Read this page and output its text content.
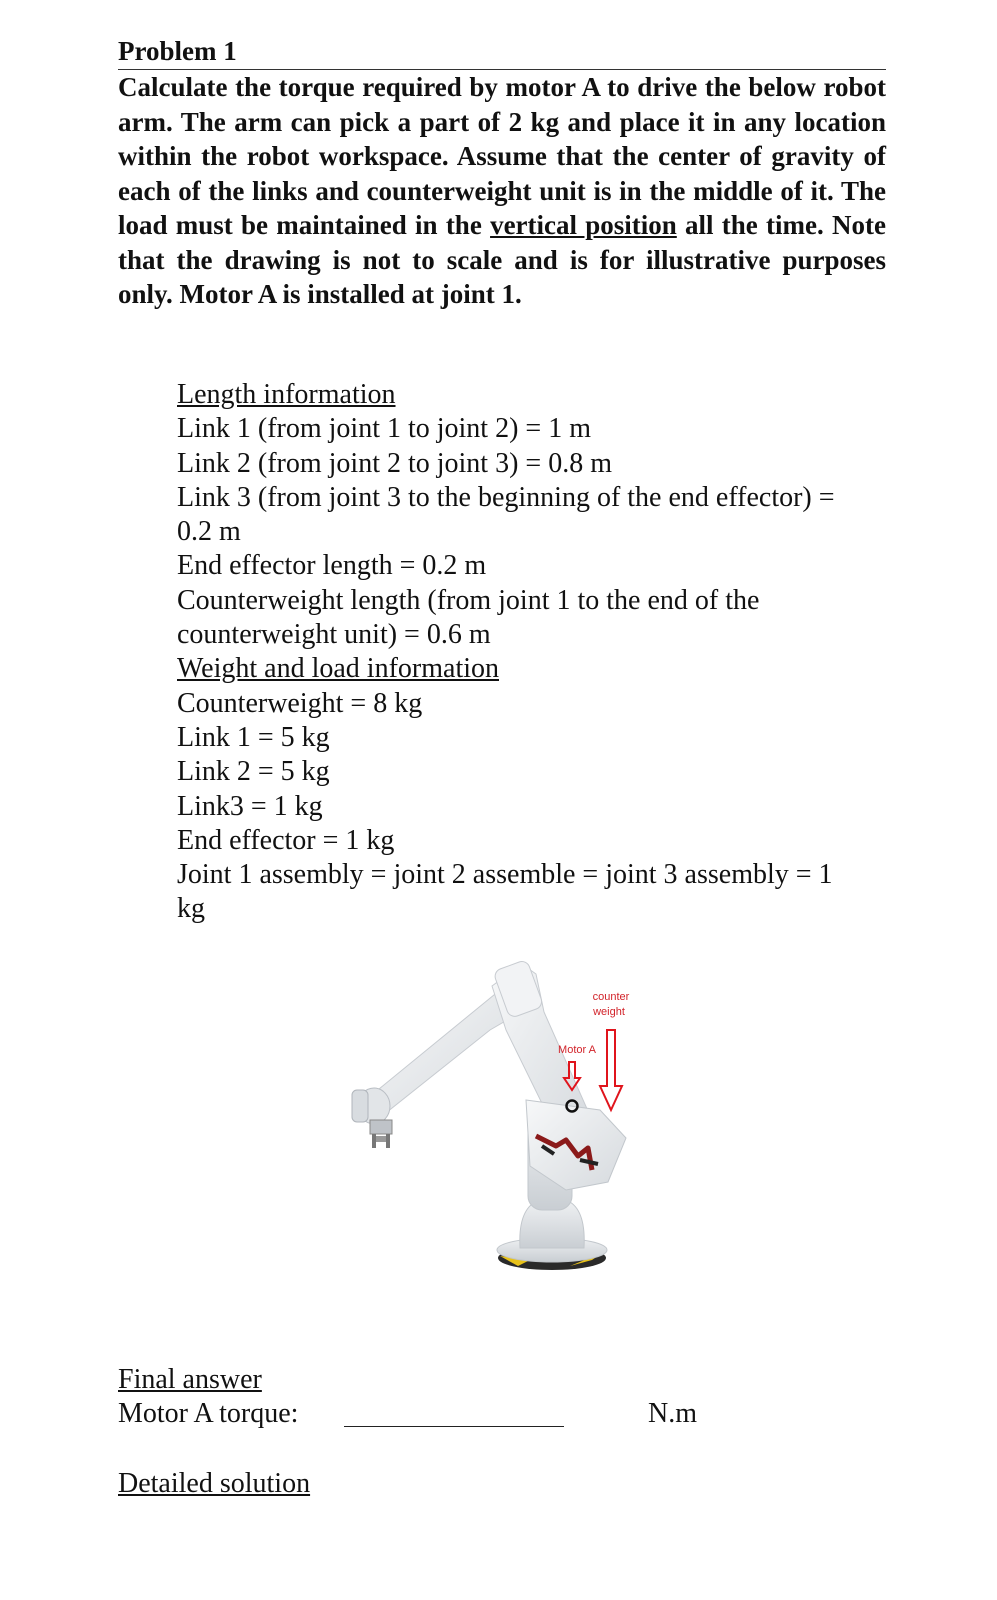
Problem 1
Calculate the torque required by motor A to drive the below robot arm. The arm can pick a part of 2 kg and place it in any location within the robot workspace. Assume that the center of gravity of each of the links and counterweight unit is in the middle of it. The load must be maintained in the vertical position all the time. Note that the drawing is not to scale and is for illustrative purposes only. Motor A is installed at joint 1.
Length information
Link 1 (from joint 1 to joint 2) = 1 m
Link 2 (from joint 2 to joint 3) = 0.8 m
Link 3 (from joint 3 to the beginning of the end effector) =
0.2 m
End effector length = 0.2 m
Counterweight length (from joint 1 to the end of the
counterweight unit) = 0.6 m
Weight and load information
Counterweight = 8 kg
Link 1 = 5 kg
Link 2 = 5 kg
Link3 = 1 kg
End effector = 1 kg
Joint 1 assembly = joint 2 assemble = joint 3 assembly = 1
kg
counter
weight
Motor A
Final answer
Motor A torque:	N.m
Detailed solution
